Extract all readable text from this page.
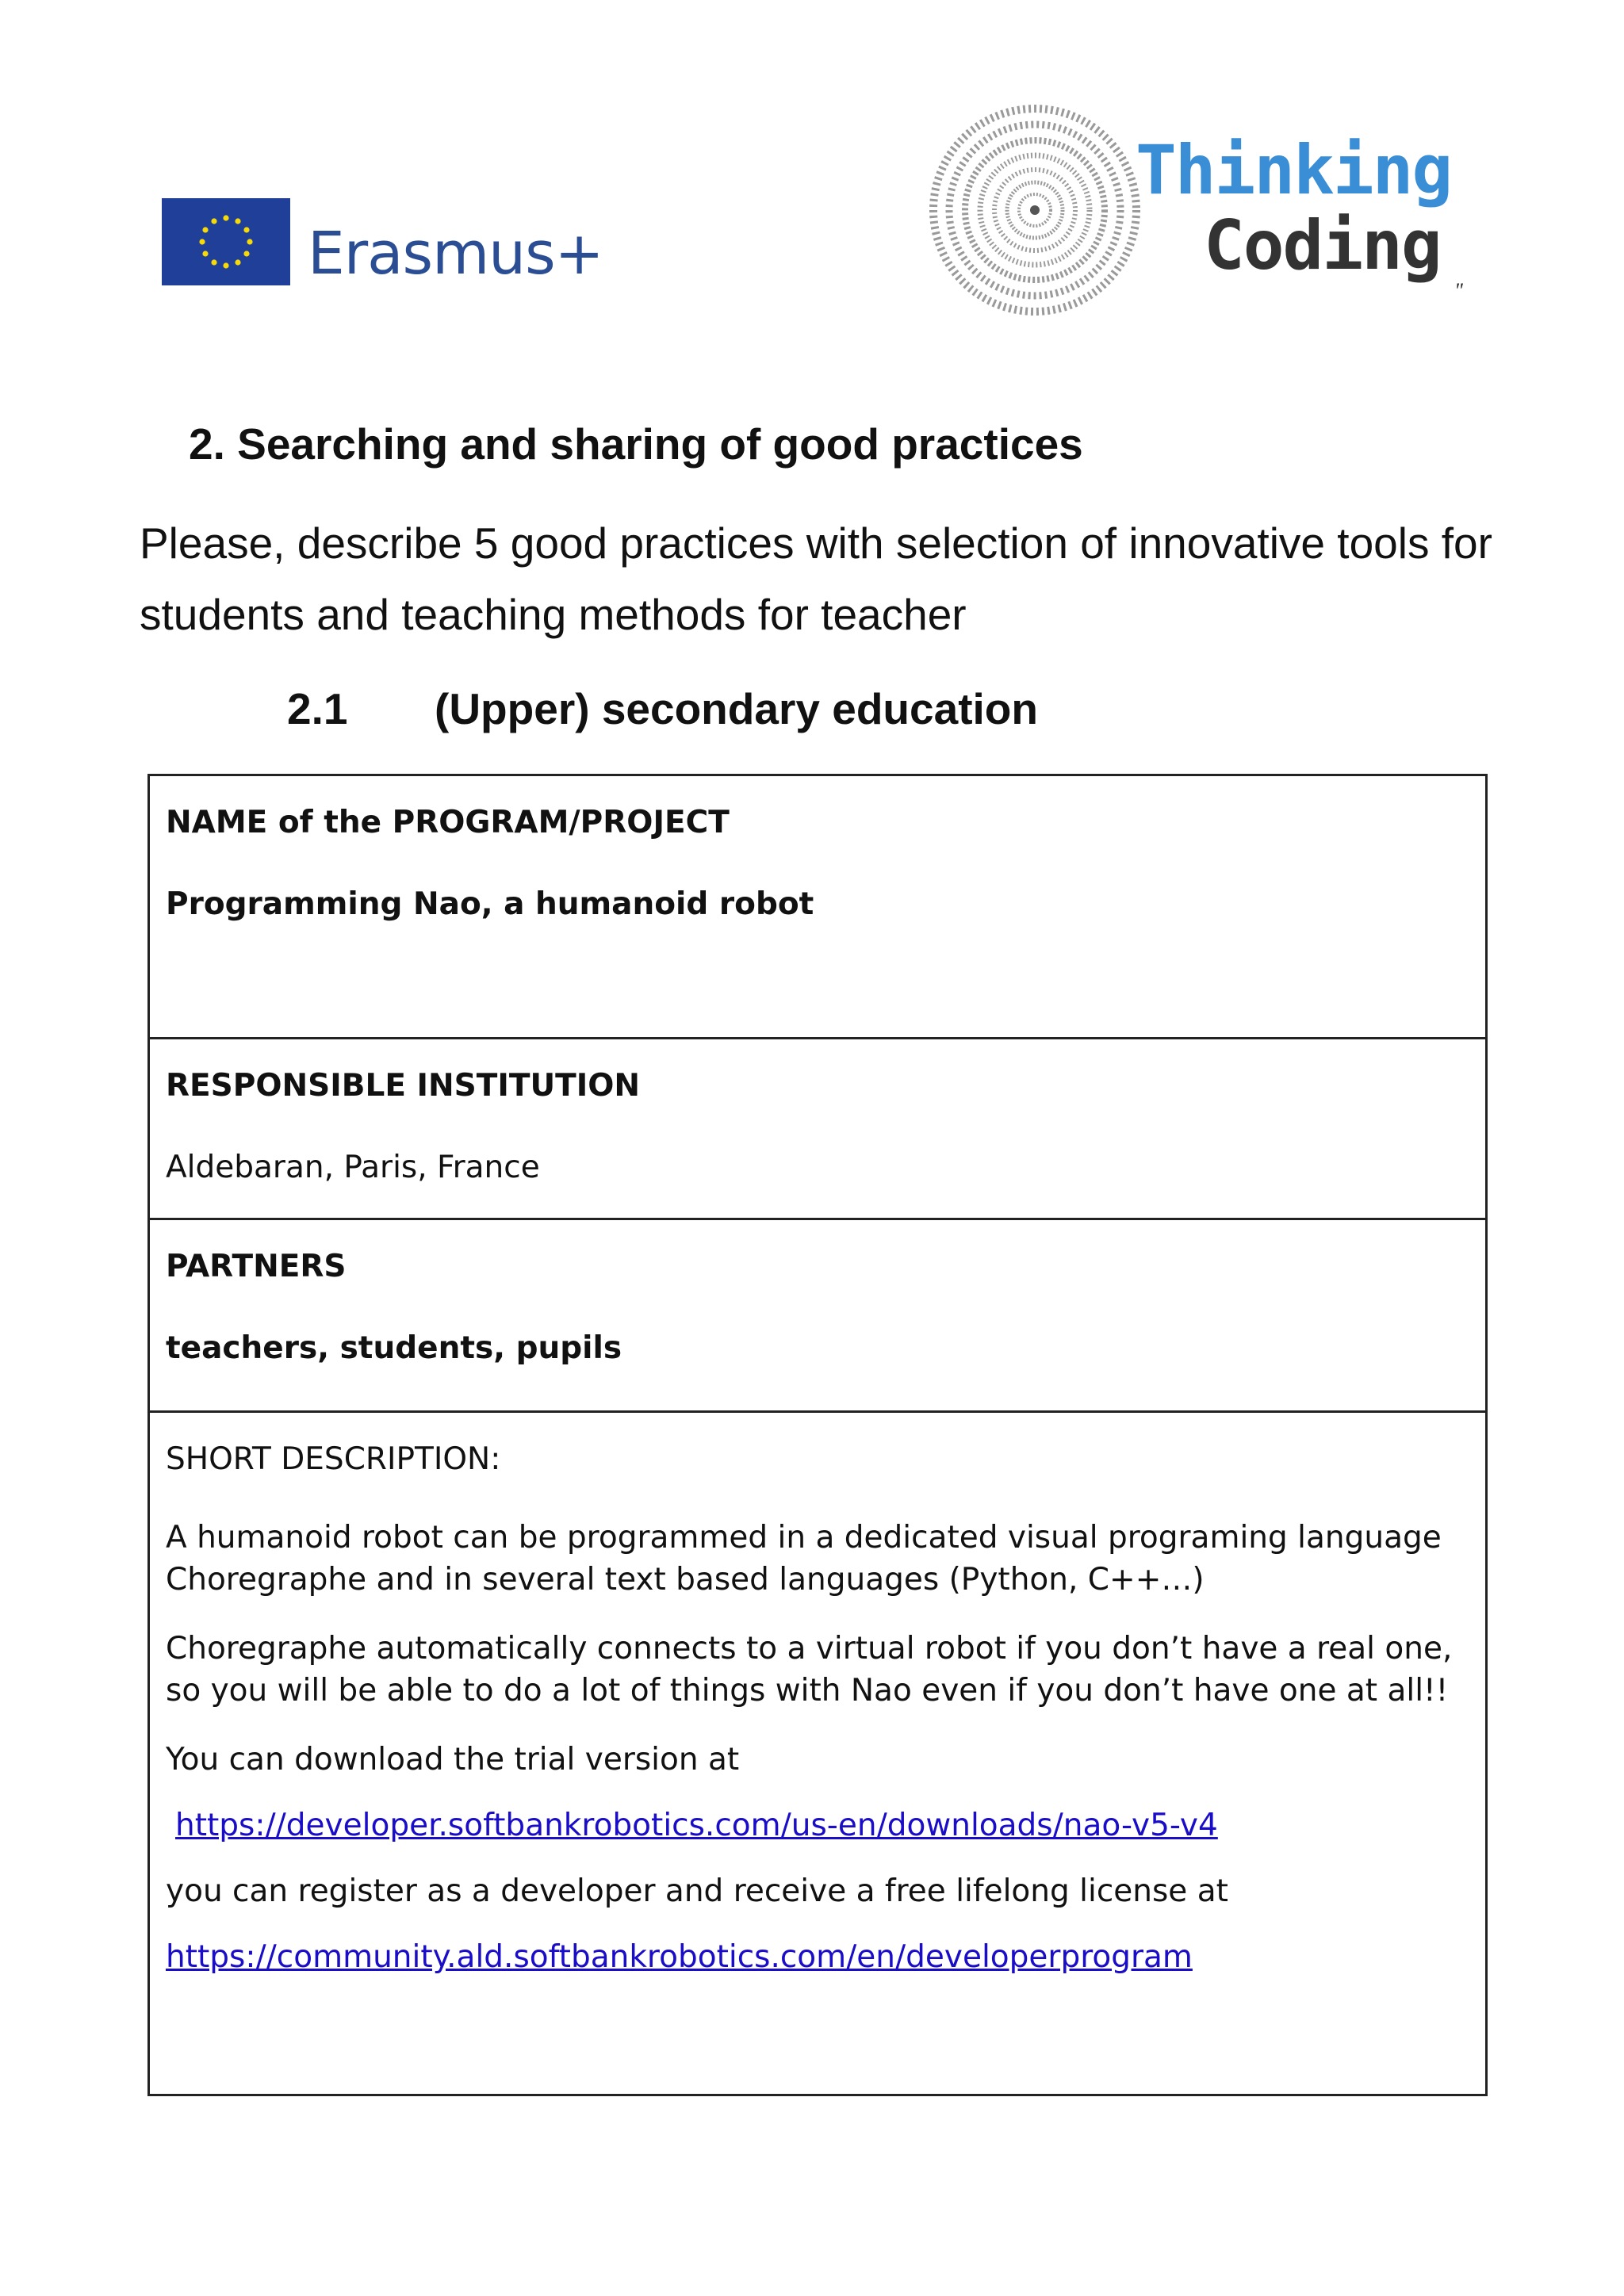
Erasmus+
Thinking
Coding
"
2. Searching and sharing of good practices

Please, describe 5 good practices with selection of innovative tools for students and teaching methods for teacher

2.1	(Upper) secondary education
NAME of the PROGRAM/PROJECT
Programming Nao, a humanoid robot
RESPONSIBLE INSTITUTION
Aldebaran, Paris, France
PARTNERS
teachers, students, pupils
SHORT DESCRIPTION:
A humanoid robot can be programmed in a dedicated visual programing language Choregraphe and in several text based languages (Python, C++…)
Choregraphe automatically connects to a virtual robot if you don’t have a real one, so you will be able to do a lot of things with Nao even if you don’t have one at all!!
You can download the trial version at
https://developer.softbankrobotics.com/us-en/downloads/nao-v5-v4
you can register as a developer and receive a free lifelong license at
https://community.ald.softbankrobotics.com/en/developerprogram
